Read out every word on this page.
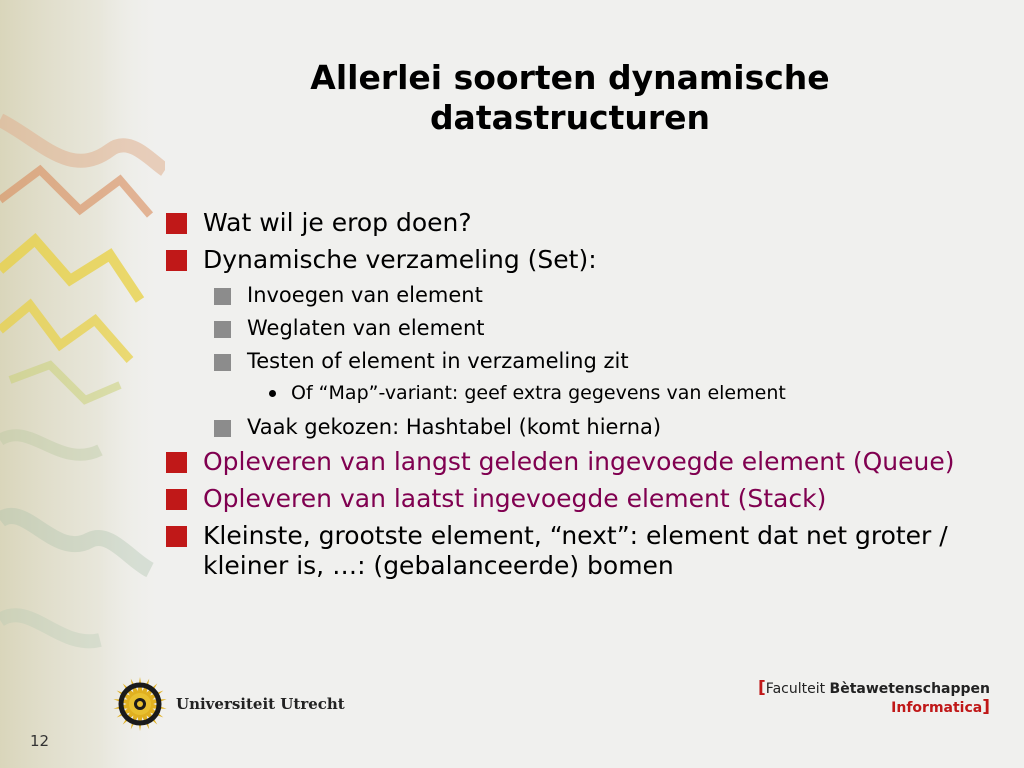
Allerlei soorten dynamische
datastructuren
Wat wil je erop doen?
Dynamische verzameling (Set):
Invoegen van element
Weglaten van element
Testen of element in verzameling zit
Of “Map”-variant: geef extra gegevens van element
Vaak gekozen: Hashtabel (komt hierna)
Opleveren van langst geleden ingevoegde element (Queue)
Opleveren van laatst ingevoegde element (Stack)
Kleinste, grootste element, “next”: element dat net groter / kleiner is, …: (gebalanceerde) bomen
Universiteit Utrecht
[Faculteit Bètawetenschappen
Informatica]
12
